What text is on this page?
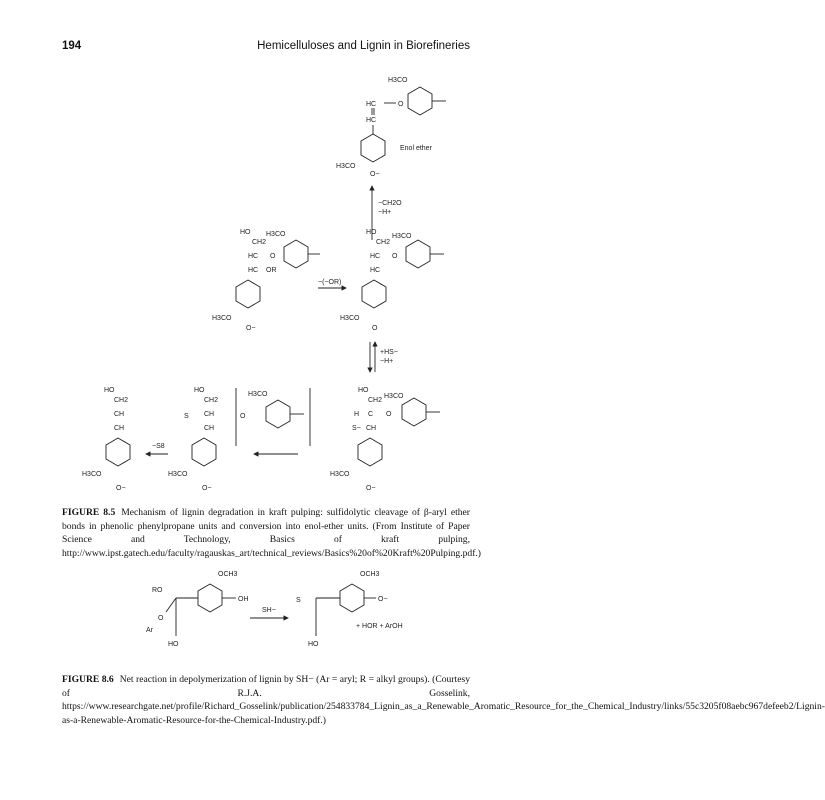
194	Hemicelluloses and Lignin in Biorefineries
H3CO
O
HC
HC
H3CO
O−
Enol ether
−CH2O
−H+
HO
CH2
H3CO
HC O
HC OR
H3CO
O−
−(−OR)
HO
CH2
H3CO
HC O
HC
H3CO
O
+HS−
−H+
HO
CH2
H3CO
H C O
S− CH
H3CO
O−
H3CO
O
HO
CH2
S CH
CH
H3CO
O−
−S8
HO
CH2
CH
CH
H3CO
O−
FIGURE 8.5 Mechanism of lignin degradation in kraft pulping: sulfidolytic cleavage of β-aryl ether bonds in phenolic phenylpropane units and conversion into enol-ether units. (From Institute of Paper Science and Technology, Basics of kraft pulping, http://www.ipst.gatech.edu/faculty/ragauskas_art/technical_reviews/Basics%20of%20Kraft%20Pulping.pdf.)
OCH3
OH
RO
O
Ar
HO
SH−
OCH3
O−
S
HO
+ HOR + ArOH
FIGURE 8.6 Net reaction in depolymerization of lignin by SH− (Ar = aryl; R = alkyl groups). (Courtesy of R.J.A. Gosselink, https://www.researchgate.net/profile/Richard_Gosselink/publication/254833784_Lignin_as_a_Renewable_Aromatic_Resource_for_the_Chemical_Industry/links/55c3205f08aebc967defeeb2/Lignin-as-a-Renewable-Aromatic-Resource-for-the-Chemical-Industry.pdf.)
